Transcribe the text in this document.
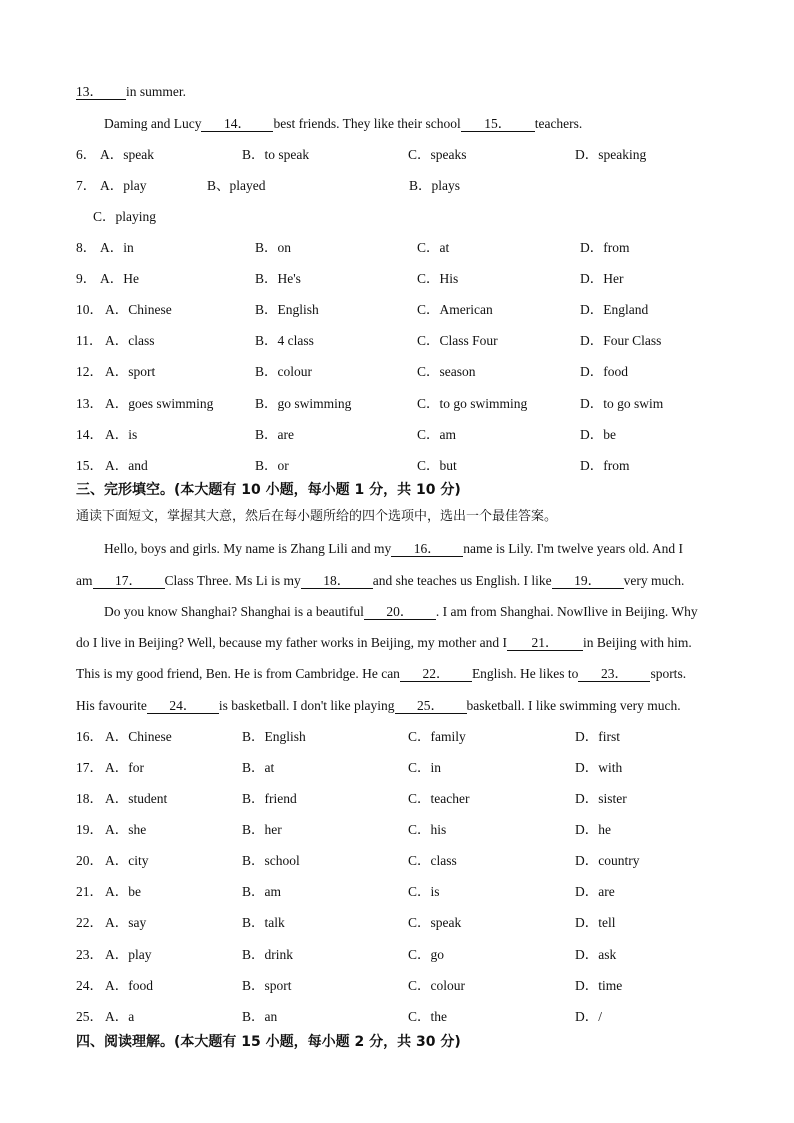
13． in summer.
Daming and Lucy 14． best friends. They like their school 15． teachers.
6． A．speak	B．to speak	C．speaks	D．speaking
7． A．play	B、played	B．plays
C．playing
8． A．in	B．on	C．at	D．from
9． A．He	B．He's	C．His	D．Her
10． A．Chinese	B．English	C．American	D．England
11． A．class	B．4 class	C．Class Four	D．Four Class
12． A．sport	B．colour	C．season	D．food
13． A．goes swimming	B．go swimming	C．to go swimming	D．to go swim
14． A．is	B．are	C．am	D．be
15． A．and	B．or	C．but	D．from
三、完形填空。(本大题有 10 小题，每小题 1 分，共 10 分)
通读下面短文，掌握其大意，然后在每小题所给的四个选项中，选出一个最佳答案。
Hello, boys and girls. My name is Zhang Lili and my 16． name is Lily. I'm twelve years old. And I
am 17． Class Three. Ms Li is my 18． and she teaches us English. I like 19． very much.
Do you know Shanghai? Shanghai is a beautiful 20． . I am from Shanghai. NowIlive in Beijing. Why
do I live in Beijing? Well, because my father works in Beijing, my mother and I 21． in Beijing with him.
This is my good friend, Ben. He is from Cambridge. He can 22． English. He likes to 23． sports.
His favourite 24． is basketball. I don't like playing 25． basketball. I like swimming very much.
16． A．Chinese	B．English	C．family	D．first
17． A．for	B．at	C．in	D．with
18． A．student	B．friend	C．teacher	D．sister
19． A．she	B．her	C．his	D．he
20． A．city	B．school	C．class	D．country
21． A．be	B．am	C．is	D．are
22． A．say	B．talk	C．speak	D．tell
23． A．play	B．drink	C．go	D．ask
24． A．food	B．sport	C．colour	D．time
25． A．a	B．an	C．the	D．/
四、阅读理解。(本大题有 15 小题，每小题 2 分，共 30 分)
